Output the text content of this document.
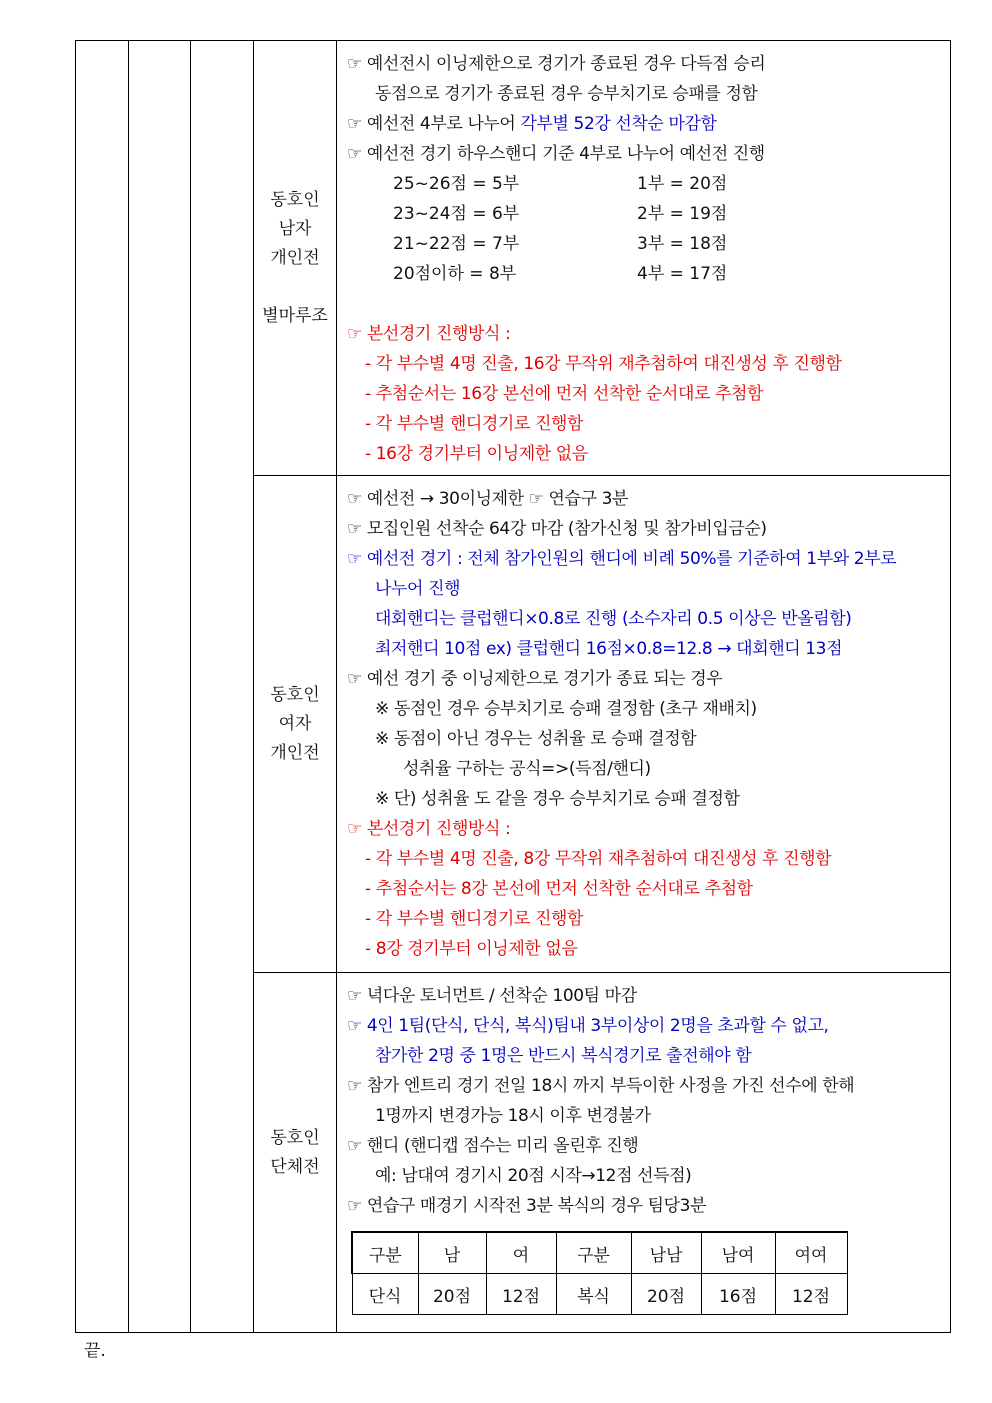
동호인
남자
개인전
별마루조

☞ 예선전시 이닝제한으로 경기가 종료된 경우 다득점 승리
동점으로 경기가 종료된 경우 승부치기로 승패를 정함
☞ 예선전 4부로 나누어 각부별 52강 선착순 마감함
☞ 예선전 경기 하우스핸디 기준 4부로 나누어 예선전 진행
25~26점 = 5부	1부 = 20점
23~24점 = 6부	2부 = 19점
21~22점 = 7부	3부 = 18점
20점이하 = 8부	4부 = 17점
☞ 본선경기 진행방식 :
- 각 부수별 4명 진출, 16강 무작위 재추첨하여 대진생성 후 진행함
- 추첨순서는 16강 본선에 먼저 선착한 순서대로 추첨함
- 각 부수별 핸디경기로 진행함
- 16강 경기부터 이닝제한 없음

동호인
여자
개인전

☞ 예선전 → 30이닝제한 ☞ 연습구 3분
☞ 모집인원 선착순 64강 마감 (참가신청 및 참가비입금순)
☞ 예선전 경기 : 전체 참가인원의 핸디에 비례 50%를 기준하여 1부와 2부로
나누어 진행
대회핸디는 클럽핸디×0.8로 진행 (소수자리 0.5 이상은 반올림함)
최저핸디 10점 ex) 클럽핸디 16점×0.8=12.8 → 대회핸디 13점
☞ 예선 경기 중 이닝제한으로 경기가 종료 되는 경우
※ 동점인 경우 승부치기로 승패 결정함 (초구 재배치)
※ 동점이 아닌 경우는 성취율 로 승패 결정함
성취율 구하는 공식=>(득점/핸디)
※ 단) 성취율 도 같을 경우 승부치기로 승패 결정함
☞ 본선경기 진행방식 :
- 각 부수별 4명 진출, 8강 무작위 재추첨하여 대진생성 후 진행함
- 추첨순서는 8강 본선에 먼저 선착한 순서대로 추첨함
- 각 부수별 핸디경기로 진행함
- 8강 경기부터 이닝제한 없음

동호인
단체전

☞ 녁다운 토너먼트 / 선착순 100팀 마감
☞ 4인 1팀(단식, 단식, 복식)팀내 3부이상이 2명을 초과할 수 없고,
참가한 2명 중 1명은 반드시 복식경기로 출전해야 함
☞ 참가 엔트리 경기 전일 18시 까지 부득이한 사정을 가진 선수에 한해
1명까지 변경가능 18시 이후 변경불가
☞ 핸디 (핸디캡 점수는 미리 올린후 진행
예: 남대여 경기시 20점 시작→12점 선득점)
☞ 연습구 매경기 시작전 3분 복식의 경우 팀당3분
구분	남	여	구분	남남	남여	여여
단식	20점	12점	복식	20점	16점	12점
끝.
